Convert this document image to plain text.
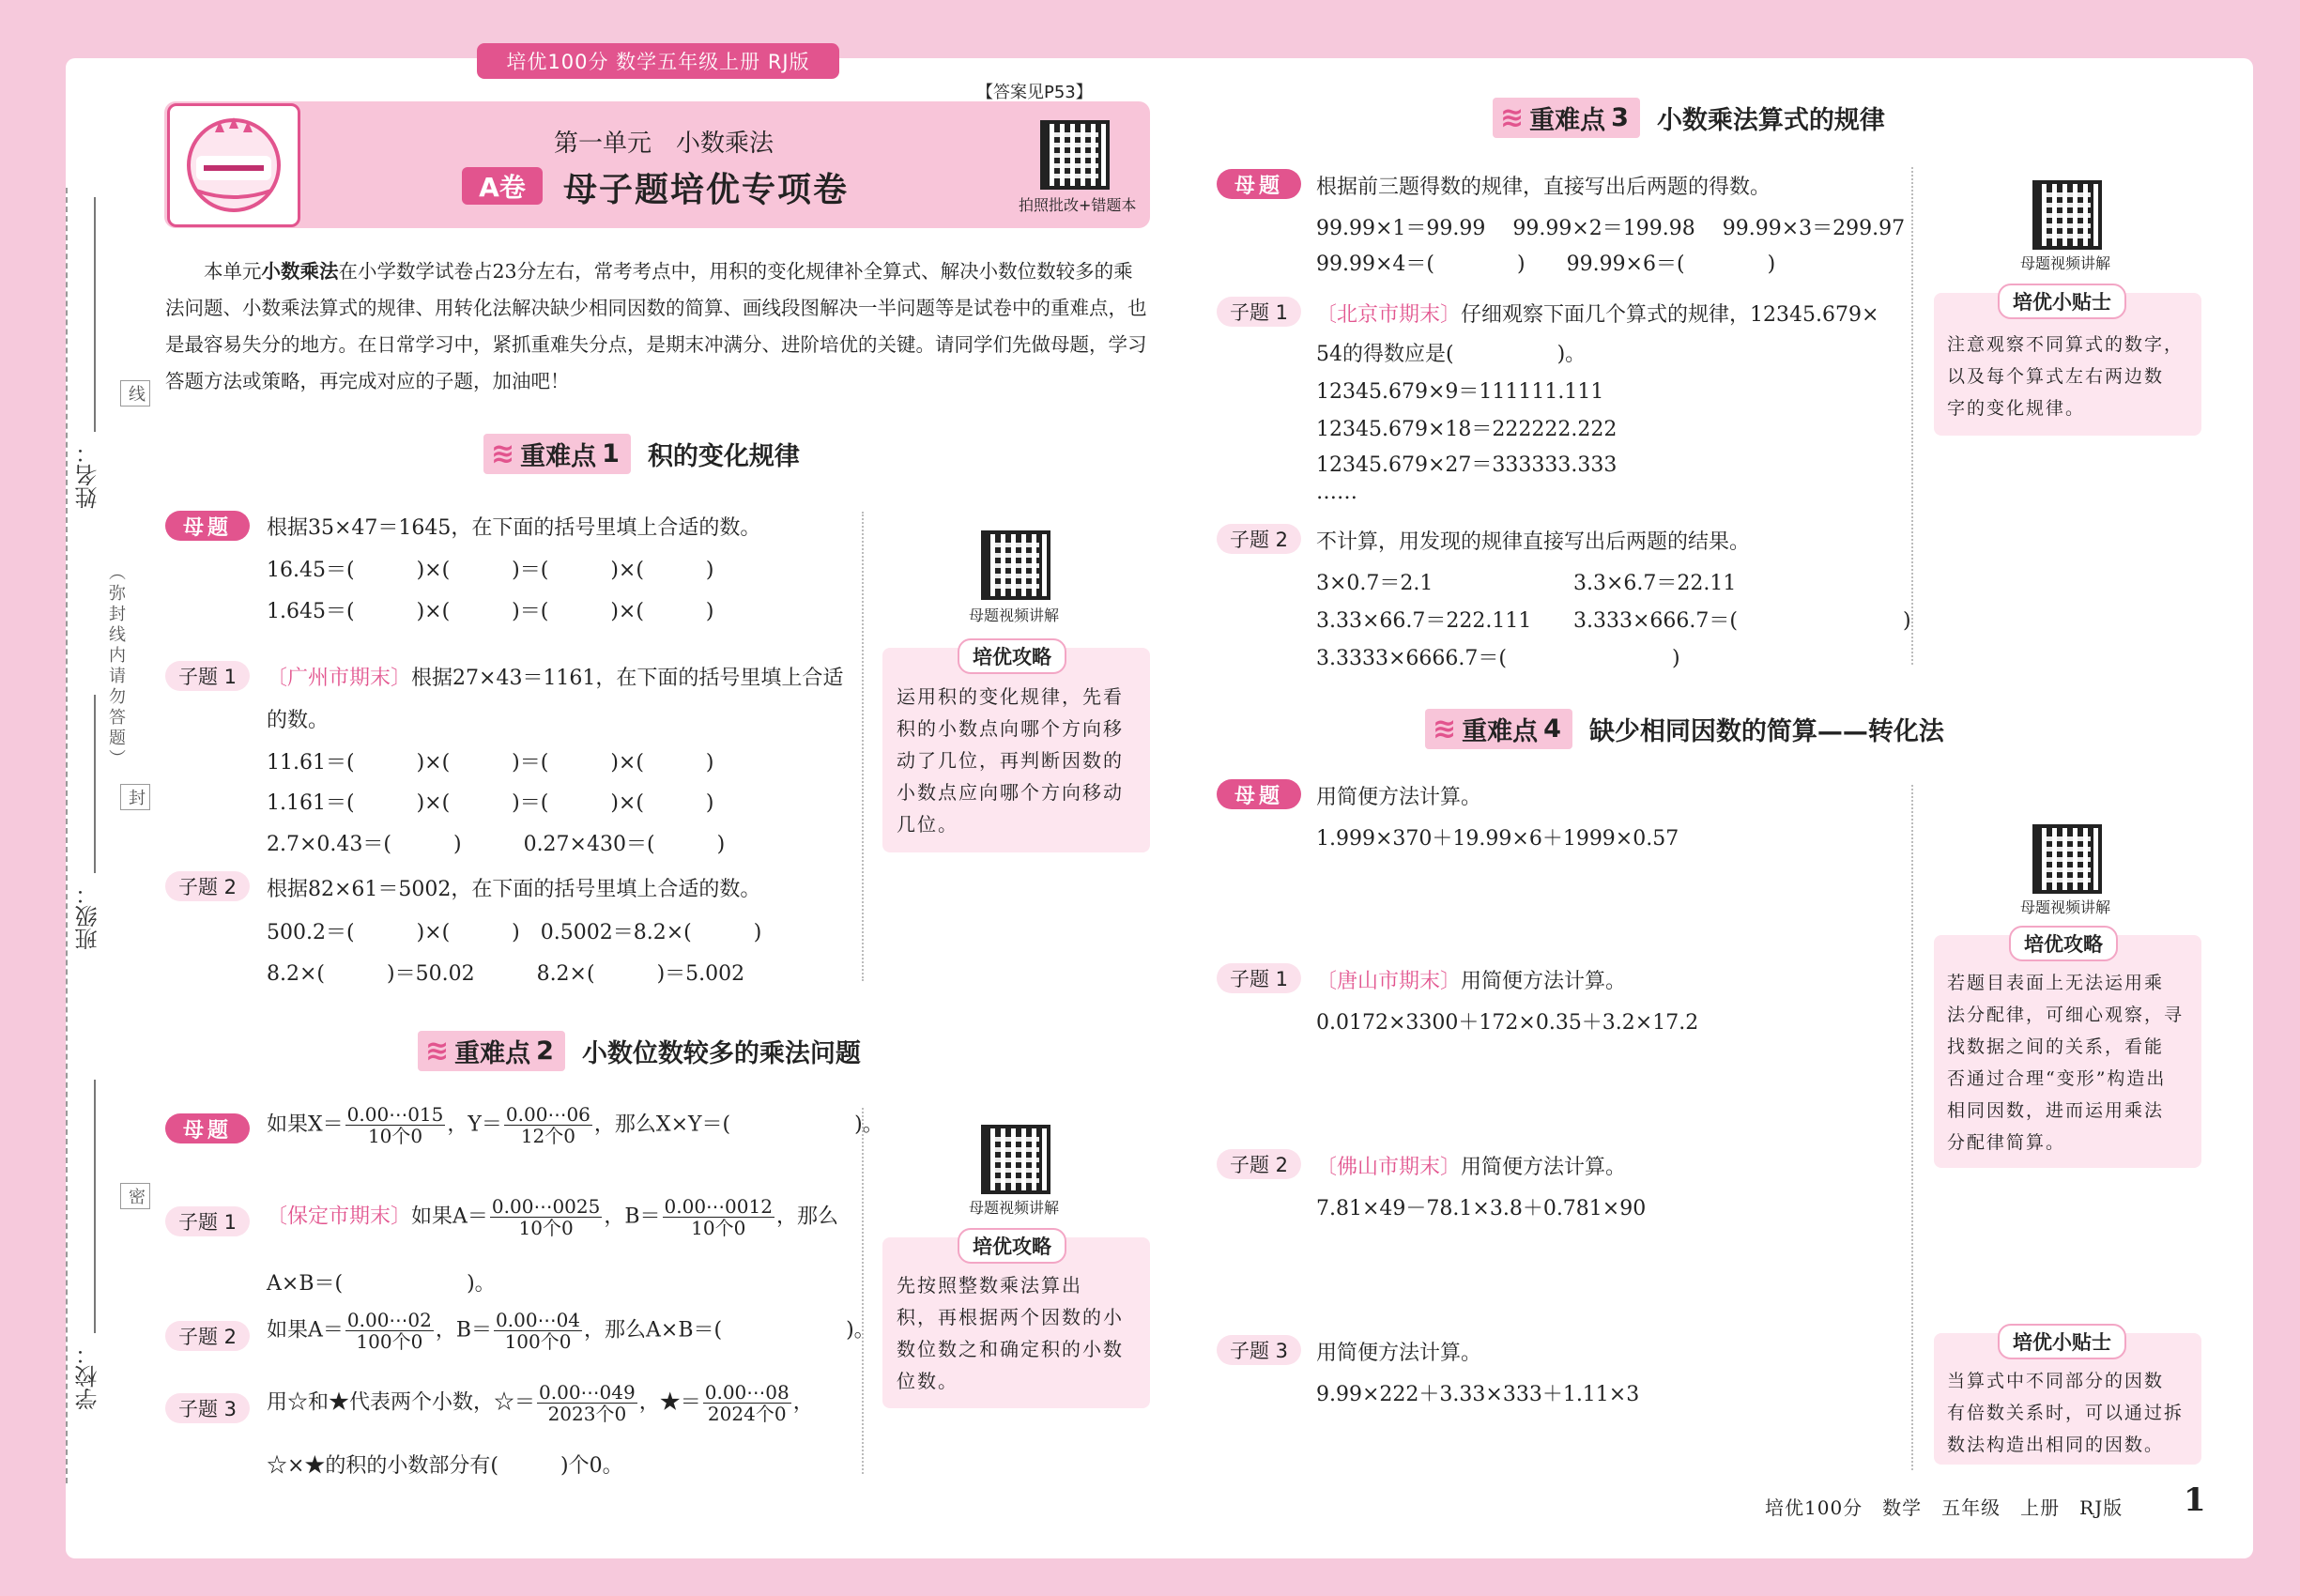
培优100分 数学五年级上册 RJ版
姓名：
线
（弥封线内请勿答题）
封
班级：
密
学校：
【答案见P53】
第一单元　小数乘法
A卷	母子题培优专项卷	拍照批改+错题本
本单元小数乘法在小学数学试卷占23分左右，常考考点中，用积的变化规律补全算式、解决小数位数较多的乘法问题、小数乘法算式的规律、用转化法解决缺少相同因数的简算、画线段图解决一半问题等是试卷中的重难点，也是最容易失分的地方。在日常学习中，紧抓重难失分点，是期末冲满分、进阶培优的关键。请同学们先做母题，学习答题方法或策略，再完成对应的子题，加油吧！
≋ 重难点 1 积的变化规律
母题	根据35×47＝1645，在下面的括号里填上合适的数。
16.45＝(　　　)×(　　　)＝(　　　)×(　　　)
1.645＝(　　　)×(　　　)＝(　　　)×(　　　)
子题 1	〔广州市期末〕根据27×43＝1161，在下面的括号里填上合适
的数。
11.61＝(　　　)×(　　　)＝(　　　)×(　　　)
1.161＝(　　　)×(　　　)＝(　　　)×(　　　)
2.7×0.43＝(　　　)　　　0.27×430＝(　　　)
子题 2	根据82×61＝5002，在下面的括号里填上合适的数。
500.2＝(　　　)×(　　　)　0.5002＝8.2×(　　　)
8.2×(　　　)＝50.02　　　8.2×(　　　)＝5.002
母题视频讲解
培优攻略
运用积的变化规律，先看
积的小数点向哪个方向移
动了几位，再判断因数的
小数点应向哪个方向移动
几位。
≋ 重难点 2 小数位数较多的乘法问题
母题	如果$X= \frac{0.00\cdots 015}{\text{10个0}}$ ，$Y= \frac{0.00\cdots 06}{\text{12个0}}$ ，那么X×Y＝(　　　　　　)。
子题 1	〔保定市期末〕如果$A= \frac{0.00\cdots 0025}{\text{10个0}}$ ，$B= \frac{0.00\cdots 0012}{\text{10个0}}$ ，那么
A×B＝(　　　　　　)。
子题 2	如果$A= \frac{0.00\cdots 02}{\text{100个0}}$ ，$B= \frac{0.00\cdots 04}{\text{100个0}}$ ，那么A×B＝(　　　　　　)。
子题 3	用☆和★代表两个小数，☆＝ $\frac{0.00\cdots 049}{\text{2023个0}}$ ，★＝ $\frac{0.00\cdots 08}{\text{2024个0}}$ ，
☆×★的积的小数部分有(　　　)个0。
母题视频讲解
培优攻略
先按照整数乘法算出
积，再根据两个因数的小
数位数之和确定积的小数
位数。
≋ 重难点 3 小数乘法算式的规律
母题	根据前三题得数的规律，直接写出后两题的得数。
99.99×1＝99.99　 99.99×2＝199.98　 99.99×3＝299.97
99.99×4＝(　　　　)　　99.99×6＝(　　　　)
子题 1	〔北京市期末〕仔细观察下面几个算式的规律，12345.679×
54的得数应是(　　　　　)。
12345.679×9＝111111.111
12345.679×18＝222222.222
12345.679×27＝333333.333
……
子题 2	不计算，用发现的规律直接写出后两题的结果。
3×0.7＝2.1	3.3×6.7＝22.11
3.33×66.7＝222.111 3.333×666.7＝(　　　　　　　　)
3.3333×6666.7＝(　　　　　　　　)
母题视频讲解
培优小贴士
注意观察不同算式的数字，
以及每个算式左右两边数
字的变化规律。
≋ 重难点 4 缺少相同因数的简算——转化法
母题	用简便方法计算。
1.999×370＋19.99×6＋1999×0.57
子题 1	〔唐山市期末〕用简便方法计算。
0.0172×3300＋172×0.35＋3.2×17.2
子题 2	〔佛山市期末〕用简便方法计算。
7.81×49－78.1×3.8＋0.781×90
子题 3	用简便方法计算。
9.99×222＋3.33×333＋1.11×3
母题视频讲解
培优攻略
若题目表面上无法运用乘
法分配律，可细心观察，寻
找数据之间的关系，看能
否通过合理“变形”构造出
相同因数，进而运用乘法
分配律简算。
培优小贴士
当算式中不同部分的因数
有倍数关系时，可以通过拆
数法构造出相同的因数。
培优100分　数学　五年级　上册　RJ版 1
